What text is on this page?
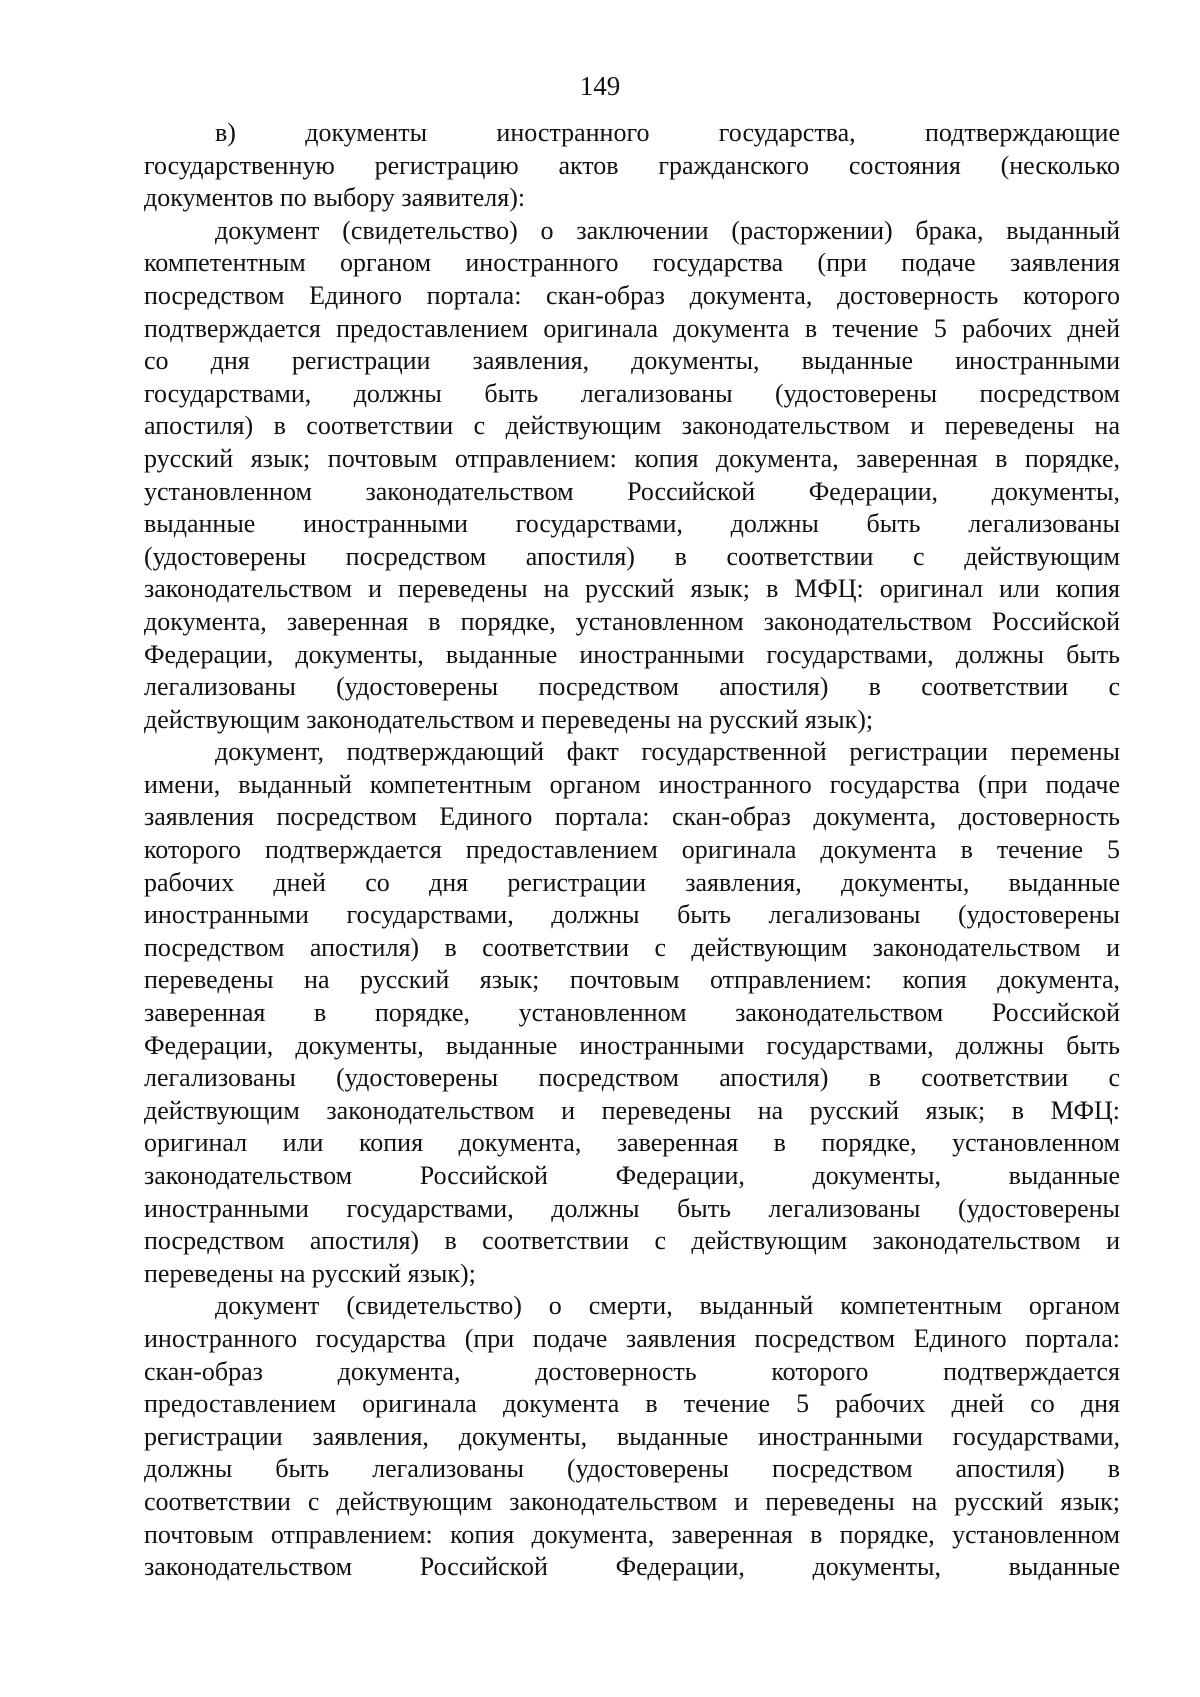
149
в)    документы    иностранного    государства,    подтверждающие
государственную регистрацию актов гражданского состояния (несколько
документов по выбору заявителя):
документ (свидетельство) о заключении (расторжении) брака, выданный
компетентным органом иностранного государства (при подаче заявления
посредством Единого портала: скан-образ документа, достоверность которого
подтверждается предоставлением оригинала документа в течение 5 рабочих дней
со дня регистрации заявления, документы, выданные иностранными
государствами, должны быть легализованы (удостоверены посредством
апостиля) в соответствии с действующим законодательством и переведены на
русский язык; почтовым отправлением: копия документа, заверенная в порядке,
установленном законодательством Российской Федерации, документы,
выданные иностранными государствами, должны быть легализованы
(удостоверены посредством апостиля) в соответствии с действующим
законодательством и переведены на русский язык; в МФЦ: оригинал или копия
документа, заверенная в порядке, установленном законодательством Российской
Федерации, документы, выданные иностранными государствами, должны быть
легализованы (удостоверены посредством апостиля) в соответствии с
действующим законодательством и переведены на русский язык);
документ, подтверждающий факт государственной регистрации перемены
имени, выданный компетентным органом иностранного государства (при подаче
заявления посредством Единого портала: скан-образ документа, достоверность
которого подтверждается предоставлением оригинала документа в течение 5
рабочих дней со дня регистрации заявления, документы, выданные
иностранными государствами, должны быть легализованы (удостоверены
посредством апостиля) в соответствии с действующим законодательством и
переведены на русский язык; почтовым отправлением: копия документа,
заверенная в порядке, установленном законодательством Российской
Федерации, документы, выданные иностранными государствами, должны быть
легализованы (удостоверены посредством апостиля) в соответствии с
действующим законодательством и переведены на русский язык; в МФЦ:
оригинал или копия документа, заверенная в порядке, установленном
законодательством Российской Федерации, документы, выданные
иностранными государствами, должны быть легализованы (удостоверены
посредством апостиля) в соответствии с действующим законодательством и
переведены на русский язык);
документ (свидетельство) о смерти, выданный компетентным органом
иностранного государства (при подаче заявления посредством Единого портала:
скан-образ документа, достоверность которого подтверждается
предоставлением оригинала документа в течение 5 рабочих дней со дня
регистрации заявления, документы, выданные иностранными государствами,
должны быть легализованы (удостоверены посредством апостиля) в
соответствии с действующим законодательством и переведены на русский язык;
почтовым отправлением: копия документа, заверенная в порядке, установленном
законодательством Российской Федерации, документы, выданные
